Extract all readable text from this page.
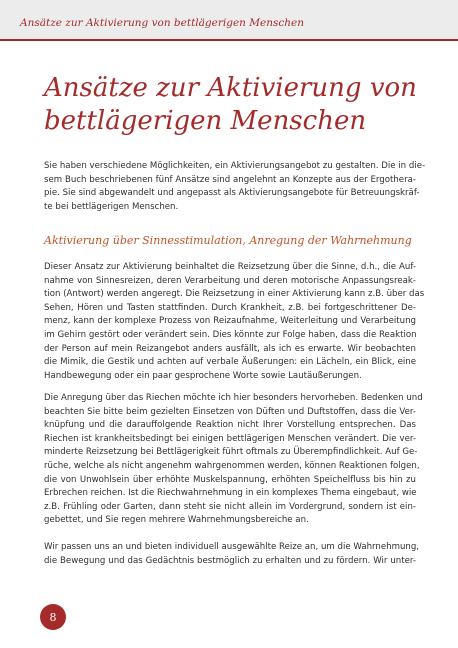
Ansätze zur Aktivierung von bettlägerigen Menschen
Ansätze zur Aktivierung von
bettlägerigen Menschen
Sie haben verschiedene Möglichkeiten, ein Aktivierungsangebot zu gestalten. Die in die-
sem Buch beschriebenen fünf Ansätze sind angelehnt an Konzepte aus der Ergothera-
pie. Sie sind abgewandelt und angepasst als Aktivierungsangebote für Betreuungskräf-
te bei bettlägerigen Menschen.
Aktivierung über Sinnesstimulation, Anregung der Wahrnehmung
Dieser Ansatz zur Aktivierung beinhaltet die Reizsetzung über die Sinne, d.h., die Auf-
nahme von Sinnesreizen, deren Verarbeitung und deren motorische Anpassungsreak-
tion (Antwort) werden angeregt. Die Reizsetzung in einer Aktivierung kann z.B. über das
Sehen, Hören und Tasten stattfinden. Durch Krankheit, z.B. bei fortgeschrittener De-
menz, kann der komplexe Prozess von Reizaufnahme, Weiterleitung und Verarbeitung
im Gehirn gestört oder verändert sein. Dies könnte zur Folge haben, dass die Reaktion
der Person auf mein Reizangebot anders ausfällt, als ich es erwarte. Wir beobachten
die Mimik, die Gestik und achten auf verbale Äußerungen: ein Lächeln, ein Blick, eine
Handbewegung oder ein paar gesprochene Worte sowie Lautäußerungen.
Die Anregung über das Riechen möchte ich hier besonders hervorheben. Bedenken und
beachten Sie bitte beim gezielten Einsetzen von Düften und Duftstoffen, dass die Ver-
knüpfung und die darauffolgende Reaktion nicht Ihrer Vorstellung entsprechen. Das
Riechen ist krankheitsbedingt bei einigen bettlägerigen Menschen verändert. Die ver-
minderte Reizsetzung bei Bettlägerigkeit führt oftmals zu Überempfindlichkeit. Auf Ge-
rüche, welche als nicht angenehm wahrgenommen werden, können Reaktionen folgen,
die von Unwohlsein über erhöhte Muskelspannung, erhöhten Speichelfluss bis hin zu
Erbrechen reichen. Ist die Riechwahrnehmung in ein komplexes Thema eingebaut, wie
z.B. Frühling oder Garten, dann steht sie nicht allein im Vordergrund, sondern ist ein-
gebettet, und Sie regen mehrere Wahrnehmungsbereiche an.
Wir passen uns an und bieten individuell ausgewählte Reize an, um die Wahrnehmung,
die Bewegung und das Gedächtnis bestmöglich zu erhalten und zu fördern. Wir unter-
8
